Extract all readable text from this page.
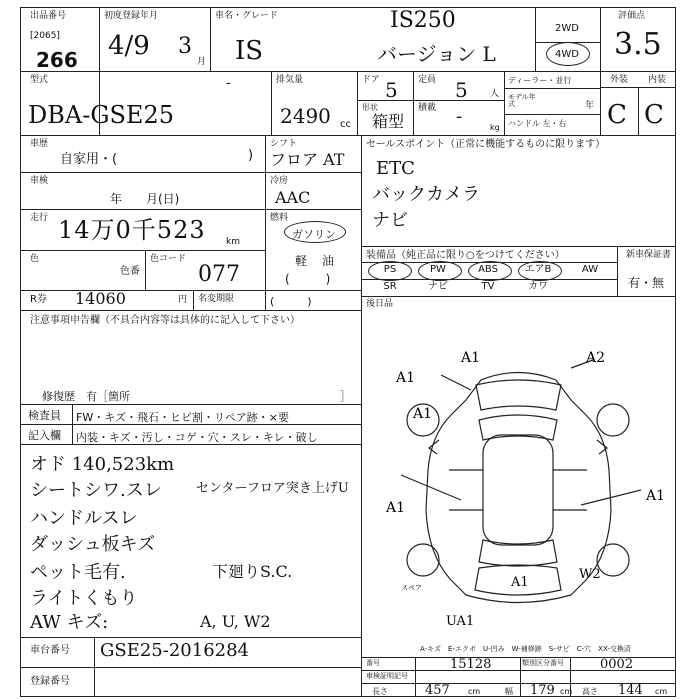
出品番号
[2065]
266
初度登録年月
4/9 3
月
車名・グレード
IS
IS250
バージョン L
2WD
4WD
評価点
3.5
型式	-
DBA-GSE25
排気量
2490 cc
ドア 5
形状
箱型
定員 5 人
積載 -
kg
ディーラー・並行
モデル年式	年
ハンドル 左・右
外装 内装
C C
車歴
自家用・(	)
車検
年　　月(日)
走行 14万0千523 km
色
色番
色コード
077
R券 14060	円 名変期限	(　　　)
シフト
フロア AT
冷房
AAC
燃料
ガソリン
軽 油
(　　　)
セールスポイント（正常に機能するものに限ります）
ETC
バックカメラ
ナビ
装備品（純正品に限り○をつけてください）	新車保証書
有・無
PS	PW	ABS	エアB	AW
SR	ナビ	TV	カワ
後日品
注意事項申告欄（不具合内容等は具体的に記入して下さい）
修復歴　有［箇所	］
検査員
記入欄
FW・キズ・飛石・ヒビ割・リペア跡・×要
内装・キズ・汚し・コゲ・穴・スレ・キレ・破し
オド 140,523km
シートシワ.スレ
ハンドルスレ
ダッシュ板キズ
ペット毛有.
ライトくもり
AW キズ:
センターフロア突き上げU
下廻りS.C.
A, U, W2
A1
A1
A2
A1
A1
A1
A1
W2
UA1
スペア
A-キズ　E-エクボ　U-凹み　W-補修跡　S-サビ　C-穴　XX-交換済
車台番号 GSE25-2016284
登録番号
番号	15128	類別区分番号	0002
車検証明記号
長さ	457 cm	幅 179 cm 高さ 144 cm
